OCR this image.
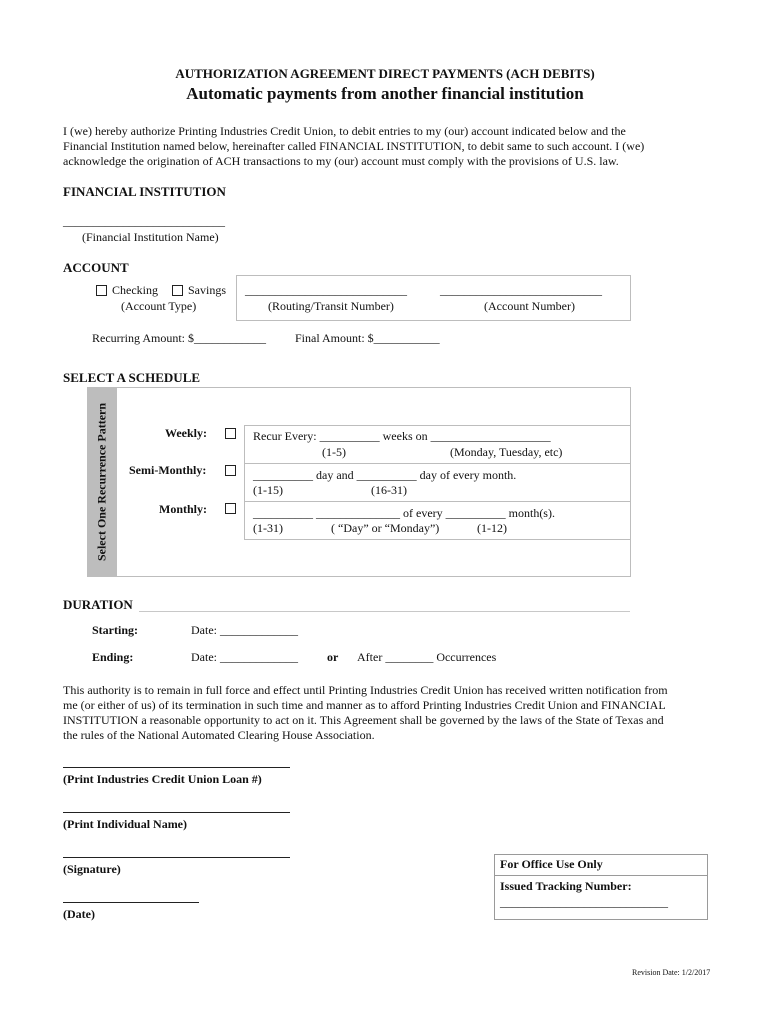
AUTHORIZATION AGREEMENT DIRECT PAYMENTS (ACH DEBITS)
Automatic payments from another financial institution
I (we) hereby authorize Printing Industries Credit Union, to debit entries to my (our) account indicated below and the
Financial Institution named below, hereinafter called FINANCIAL INSTITUTION, to debit same to such account. I (we)
acknowledge the origination of ACH transactions to my (our) account must comply with the provisions of U.S. law.
FINANCIAL INSTITUTION
___________________________
(Financial Institution Name)
ACCOUNT
Checking	Savings
(Account Type)
___________________________
(Routing/Transit Number)
___________________________
(Account Number)
Recurring Amount: $____________ Final Amount: $___________
SELECT A SCHEDULE
Select One Recurrence Pattern	Weekly:	Recur Every: __________ weeks on ____________________
(1-5)	(Monday, Tuesday, etc)
Semi-Monthly:	__________ day and __________ day of every month.
(1-15)	(16-31)
Monthly:	__________ ______________ of every __________ month(s).
(1-31)	( “Day” or “Monday”)	(1-12)
DURATION
Starting:	Date: _____________
Ending:	Date: _____________ or After ________ Occurrences
This authority is to remain in full force and effect until Printing Industries Credit Union has received written notification from
me (or either of us) of its termination in such time and manner as to afford Printing Industries Credit Union and FINANCIAL
INSTITUTION a reasonable opportunity to act on it. This Agreement shall be governed by the laws of the State of Texas and
the rules of the National Automated Clearing House Association.
(Print Industries Credit Union Loan #)
(Print Individual Name)
(Signature)
(Date)
For Office Use Only
Issued Tracking Number:
____________________________
Revision Date: 1/2/2017
